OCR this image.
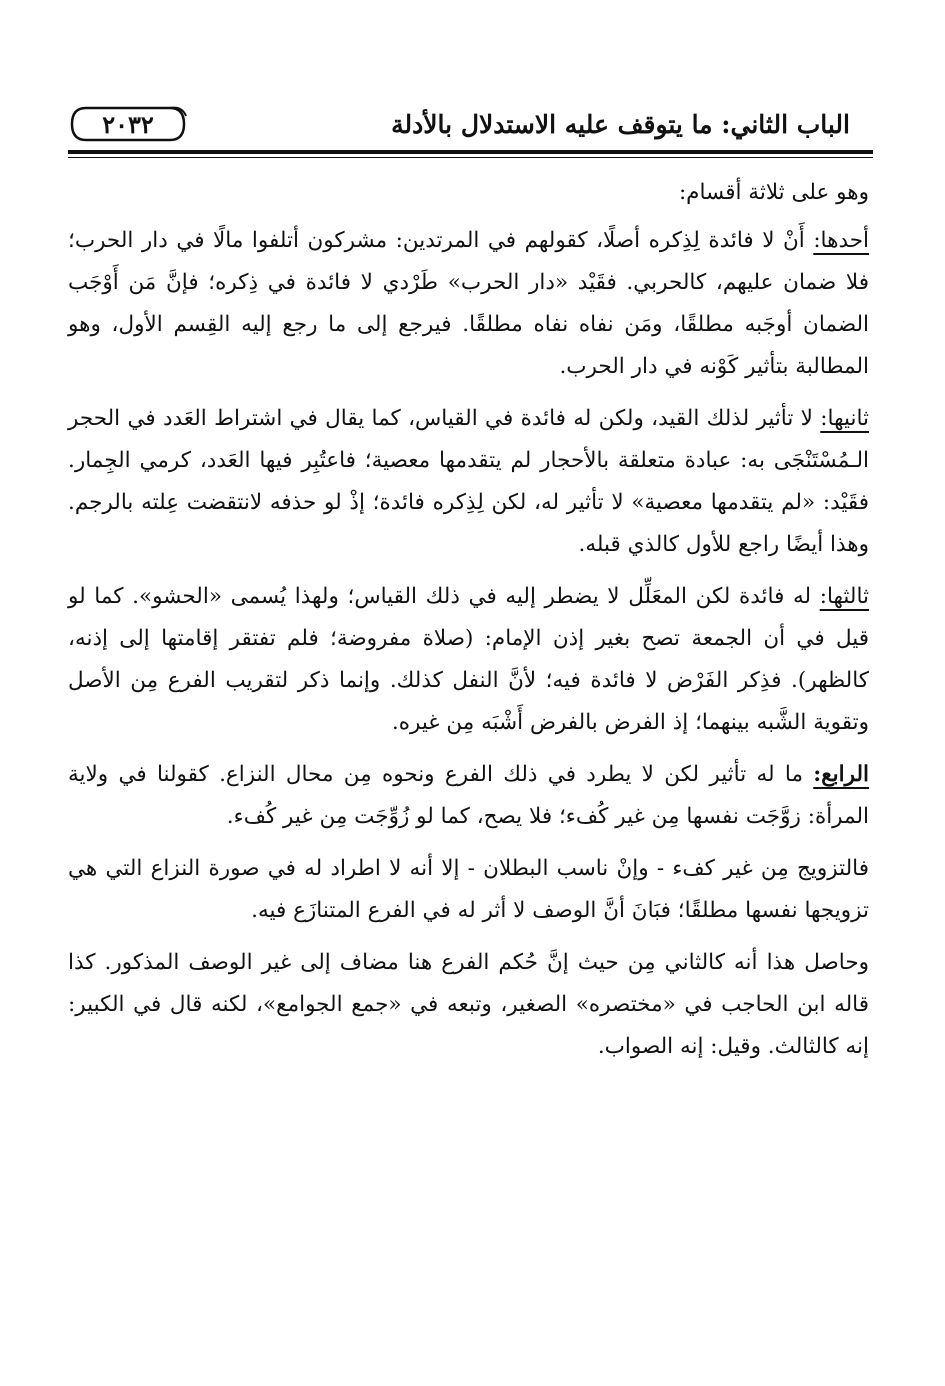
الباب الثاني: ما يتوقف عليه الاستدلال بالأدلة
٢٠٣٢

وهو على ثلاثة أقسام:

أحدها: أَنْ لا فائدة لِذِكره أصلًا، كقولهم في المرتدين: مشركون أتلفوا مالًا في دار الحرب؛ فلا ضمان عليهم، كالحربي. فقَيْد «دار الحرب» طَرْدي لا فائدة في ذِكره؛ فإنَّ مَن أَوْجَب الضمان أوجَبه مطلقًا، ومَن نفاه نفاه مطلقًا. فيرجع إلى ما رجع إليه القِسم الأول، وهو المطالبة بتأثير كَوْنه في دار الحرب.

ثانيها: لا تأثير لذلك القيد، ولكن له فائدة في القياس، كما يقال في اشتراط العَدد في الحجر الـمُسْتَنْجَى به: عبادة متعلقة بالأحجار لم يتقدمها معصية؛ فاعتُبِر فيها العَدد، كرمي الجِمار. فقَيْد: «لم يتقدمها معصية» لا تأثير له، لكن لِذِكره فائدة؛ إذْ لو حذفه لانتقضت عِلته بالرجم. وهذا أيضًا راجع للأول كالذي قبله.

ثالثها: له فائدة لكن المعَلِّل لا يضطر إليه في ذلك القياس؛ ولهذا يُسمى «الحشو». كما لو قيل في أن الجمعة تصح بغير إذن الإمام: (صلاة مفروضة؛ فلم تفتقر إقامتها إلى إذنه، كالظهر). فذِكر الفَرْض لا فائدة فيه؛ لأنَّ النفل كذلك. وإنما ذكر لتقريب الفرع مِن الأصل وتقوية الشَّبه بينهما؛ إذ الفرض بالفرض أَشْبَه مِن غيره.

الرابع: ما له تأثير لكن لا يطرد في ذلك الفرع ونحوه مِن محال النزاع. كقولنا في ولاية المرأة: زوَّجَت نفسها مِن غير كُفء؛ فلا يصح، كما لو زُوِّجَت مِن غير كُفء.

فالتزويج مِن غير كفء - وإنْ ناسب البطلان - إلا أنه لا اطراد له في صورة النزاع التي هي تزويجها نفسها مطلقًا؛ فبَانَ أنَّ الوصف لا أثر له في الفرع المتنازَع فيه.

وحاصل هذا أنه كالثاني مِن حيث إنَّ حُكم الفرع هنا مضاف إلى غير الوصف المذكور. كذا قاله ابن الحاجب في «مختصره» الصغير، وتبعه في «جمع الجوامع»، لكنه قال في الكبير: إنه كالثالث. وقيل: إنه الصواب.
